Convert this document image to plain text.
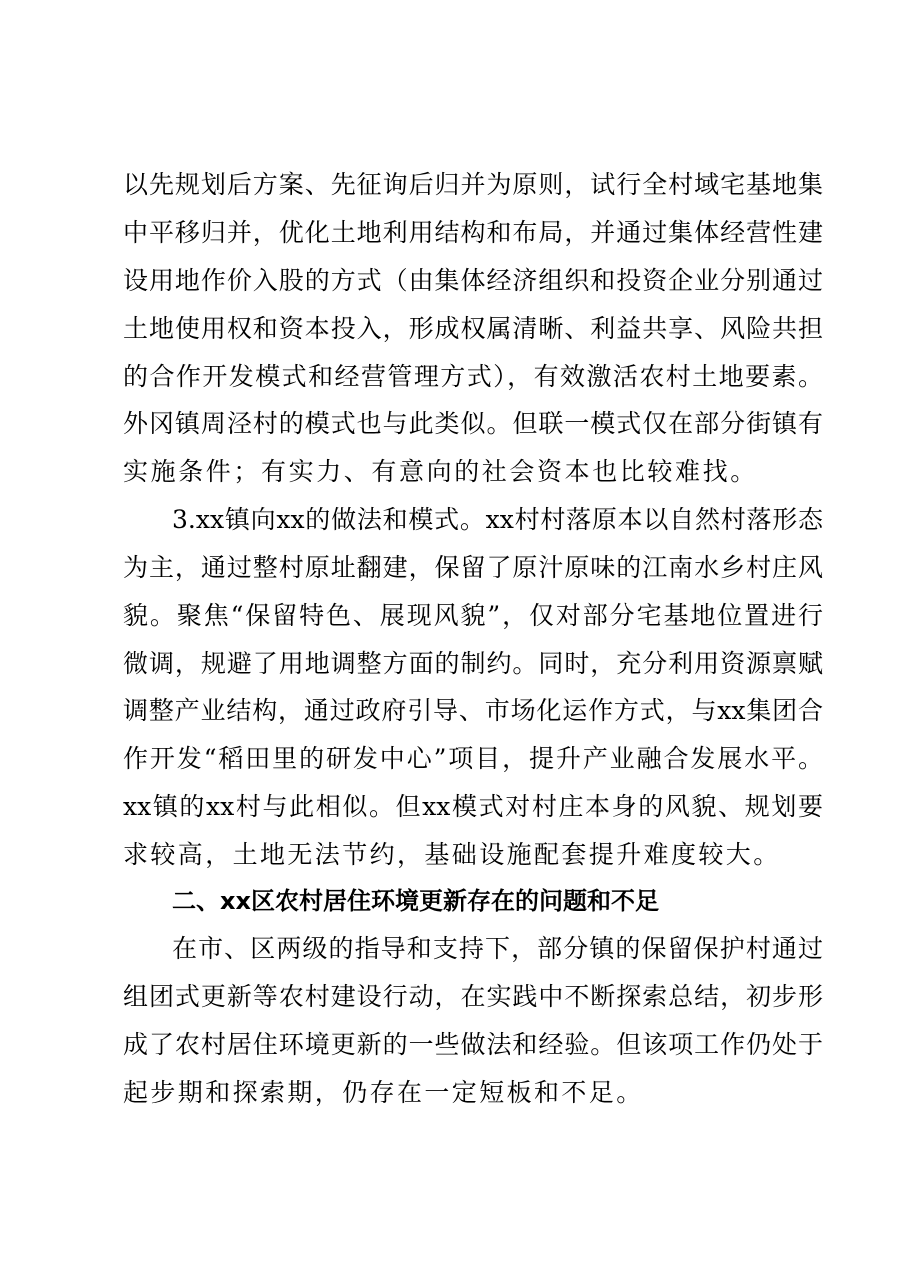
以先规划后方案、先征询后归并为原则，试行全村域宅基地集
中平移归并，优化土地利用结构和布局，并通过集体经营性建
设用地作价入股的方式（由集体经济组织和投资企业分别通过
土地使用权和资本投入，形成权属清晰、利益共享、风险共担
的合作开发模式和经营管理方式），有效激活农村土地要素。
外冈镇周泾村的模式也与此类似。但联一模式仅在部分街镇有
实施条件；有实力、有意向的社会资本也比较难找。
3.xx镇向xx的做法和模式。xx村村落原本以自然村落形态
为主，通过整村原址翻建，保留了原汁原味的江南水乡村庄风
貌。聚焦“保留特色、展现风貌”，仅对部分宅基地位置进行
微调，规避了用地调整方面的制约。同时，充分利用资源禀赋
调整产业结构，通过政府引导、市场化运作方式，与xx集团合
作开发“稻田里的研发中心”项目，提升产业融合发展水平。
xx镇的xx村与此相似。但xx模式对村庄本身的风貌、规划要
求较高，土地无法节约，基础设施配套提升难度较大。
二、xx区农村居住环境更新存在的问题和不足
在市、区两级的指导和支持下，部分镇的保留保护村通过
组团式更新等农村建设行动，在实践中不断探索总结，初步形
成了农村居住环境更新的一些做法和经验。但该项工作仍处于
起步期和探索期，仍存在一定短板和不足。
